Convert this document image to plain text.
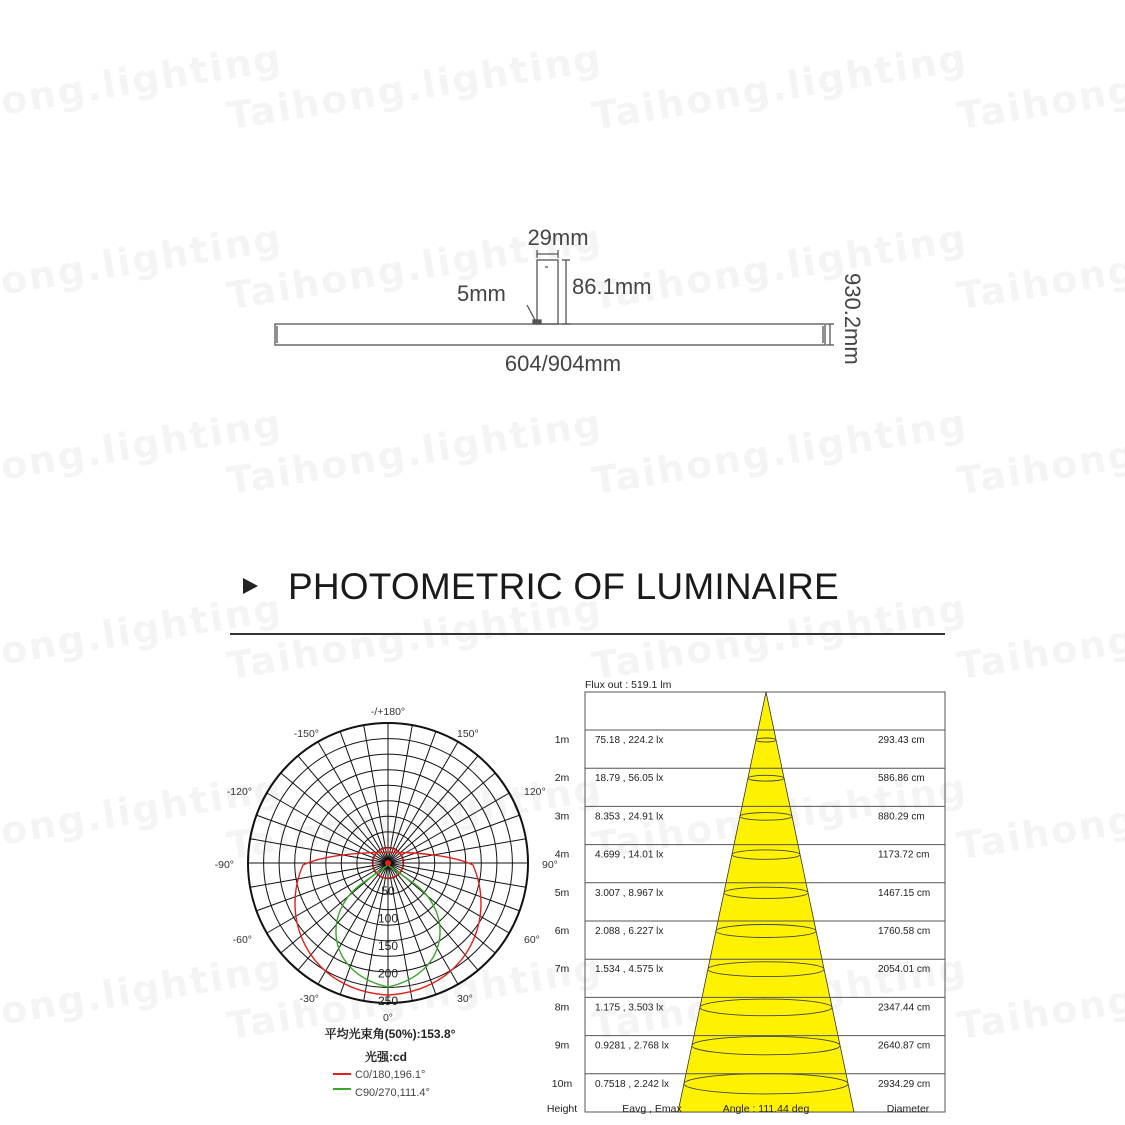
29mm
5mm	86.1mm
604/904mm	930.2mm
PHOTOMETRIC OF LUMINAIRE
-/+180°
-150°	150°
-120°	120°
-90°	90°
-60°	60°
-30°	30°
0°
50
100
150
200
250
平均光束角(50%):153.8°
光强:cd
C0/180,196.1°
C90/270,111.4°
Flux out : 519.1 lm
1m	75.18 , 224.2 lx	293.43 cm
2m	18.79 , 56.05 lx	586.86 cm
3m	8.353 , 24.91 lx	880.29 cm
4m	4.699 , 14.01 lx	1173.72 cm
5m	3.007 , 8.967 lx	1467.15 cm
6m	2.088 , 6.227 lx	1760.58 cm
7m	1.534 , 4.575 lx	2054.01 cm
8m	1.175 , 3.503 lx	2347.44 cm
9m	0.9281 , 2.768 lx	2640.87 cm
10m 0.7518 , 2.242 lx	2934.29 cm
Height	Eavg , Emax	Angle : 111.44 deg	Diameter
